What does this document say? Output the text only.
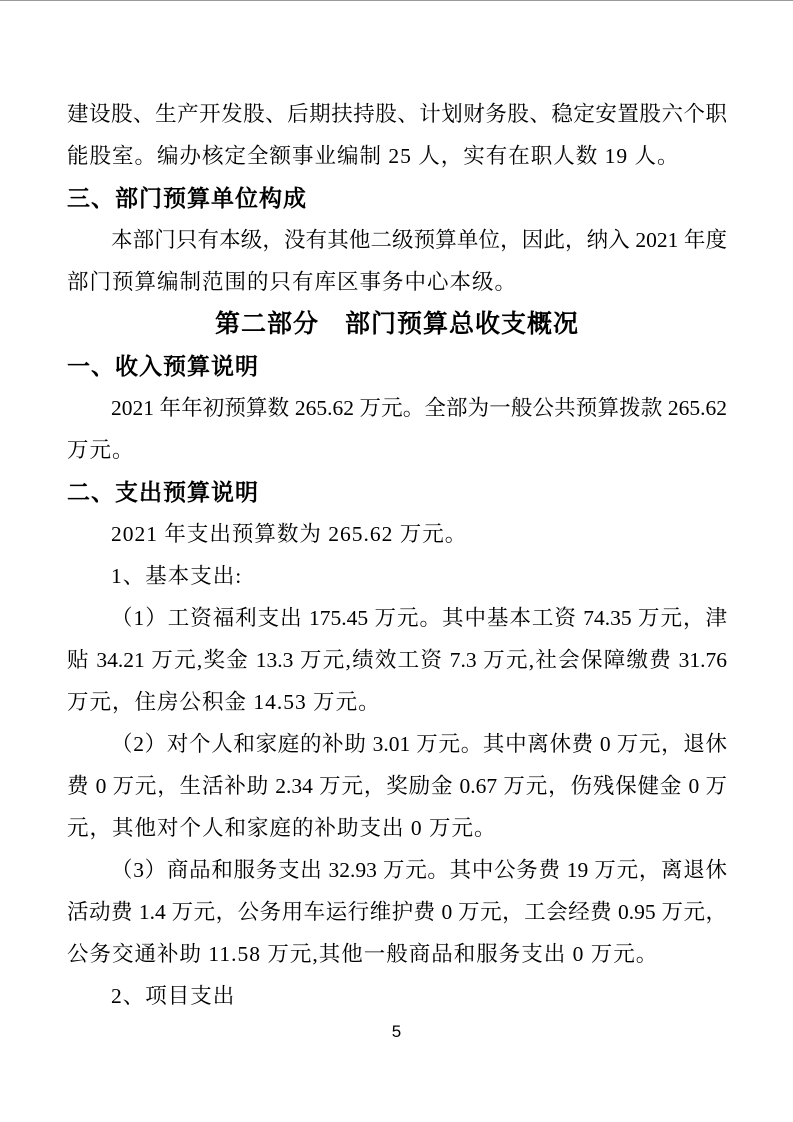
建设股、生产开发股、后期扶持股、计划财务股、稳定安置股六个职
能股室。编办核定全额事业编制 25 人，实有在职人数 19 人。
三、部门预算单位构成
本部门只有本级，没有其他二级预算单位，因此，纳入 2021 年度
部门预算编制范围的只有库区事务中心本级。
第二部分　部门预算总收支概况
一、收入预算说明
2021 年年初预算数 265.62 万元。全部为一般公共预算拨款 265.62
万元。
二、支出预算说明
2021 年支出预算数为 265.62 万元。
1、基本支出:
（1）工资福利支出 175.45 万元。其中基本工资 74.35 万元，津
贴 34.21 万元,奖金 13.3 万元,绩效工资 7.3 万元,社会保障缴费 31.76
万元，住房公积金 14.53 万元。
（2）对个人和家庭的补助 3.01 万元。其中离休费 0 万元，退休
费 0 万元，生活补助 2.34 万元，奖励金 0.67 万元，伤残保健金 0 万
元，其他对个人和家庭的补助支出 0 万元。
（3）商品和服务支出 32.93 万元。其中公务费 19 万元，离退休
活动费 1.4 万元，公务用车运行维护费 0 万元，工会经费 0.95 万元，
公务交通补助 11.58 万元,其他一般商品和服务支出 0 万元。
2、项目支出
5
